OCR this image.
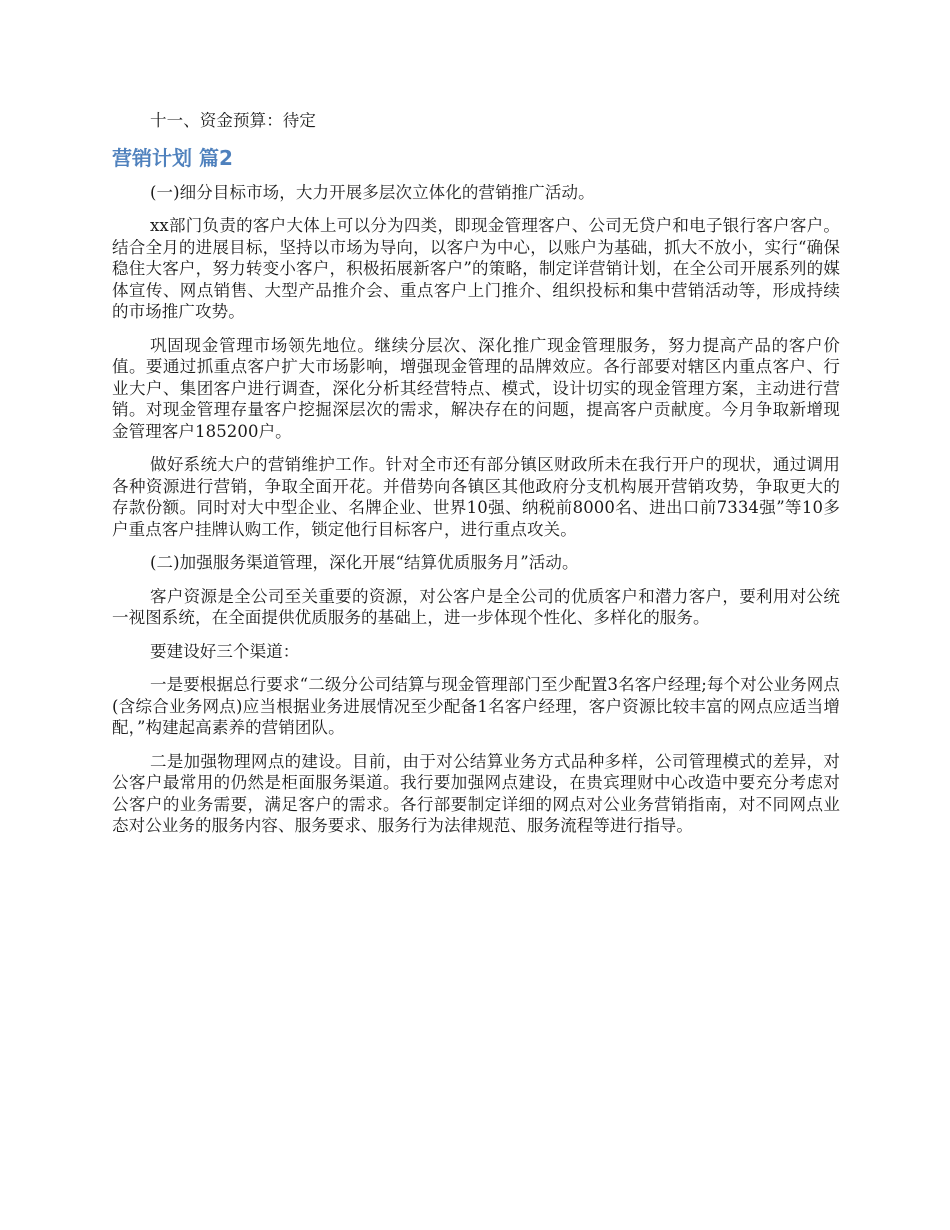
十一、资金预算：待定

营销计划 篇2

(一)细分目标市场，大力开展多层次立体化的营销推广活动。

xx部门负责的客户大体上可以分为四类，即现金管理客户、公司无贷户和电子银行客户客户。结合全月的进展目标，坚持以市场为导向，以客户为中心，以账户为基础，抓大不放小，实行“确保稳住大客户，努力转变小客户，积极拓展新客户”的策略，制定详营销计划，在全公司开展系列的媒体宣传、网点销售、大型产品推介会、重点客户上门推介、组织投标和集中营销活动等，形成持续的市场推广攻势。

巩固现金管理市场领先地位。继续分层次、深化推广现金管理服务，努力提高产品的客户价值。要通过抓重点客户扩大市场影响，增强现金管理的品牌效应。各行部要对辖区内重点客户、行业大户、集团客户进行调查，深化分析其经营特点、模式，设计切实的现金管理方案，主动进行营销。对现金管理存量客户挖掘深层次的需求，解决存在的问题，提高客户贡献度。今月争取新增现金管理客户185200户。

做好系统大户的营销维护工作。针对全市还有部分镇区财政所未在我行开户的现状，通过调用各种资源进行营销，争取全面开花。并借势向各镇区其他政府分支机构展开营销攻势，争取更大的存款份额。同时对大中型企业、名牌企业、世界10强、纳税前8000名、进出口前7334强”等10多户重点客户挂牌认购工作，锁定他行目标客户，进行重点攻关。

(二)加强服务渠道管理，深化开展“结算优质服务月”活动。

客户资源是全公司至关重要的资源，对公客户是全公司的优质客户和潜力客户，要利用对公统一视图系统，在全面提供优质服务的基础上，进一步体现个性化、多样化的服务。

要建设好三个渠道：

一是要根据总行要求“二级分公司结算与现金管理部门至少配置3名客户经理;每个对公业务网点(含综合业务网点)应当根据业务进展情况至少配备1名客户经理，客户资源比较丰富的网点应适当增配，”构建起高素养的营销团队。

二是加强物理网点的建设。目前，由于对公结算业务方式品种多样，公司管理模式的差异，对公客户最常用的仍然是柜面服务渠道。我行要加强网点建设，在贵宾理财中心改造中要充分考虑对公客户的业务需要，满足客户的需求。各行部要制定详细的网点对公业务营销指南，对不同网点业态对公业务的服务内容、服务要求、服务行为法律规范、服务流程等进行指导。
